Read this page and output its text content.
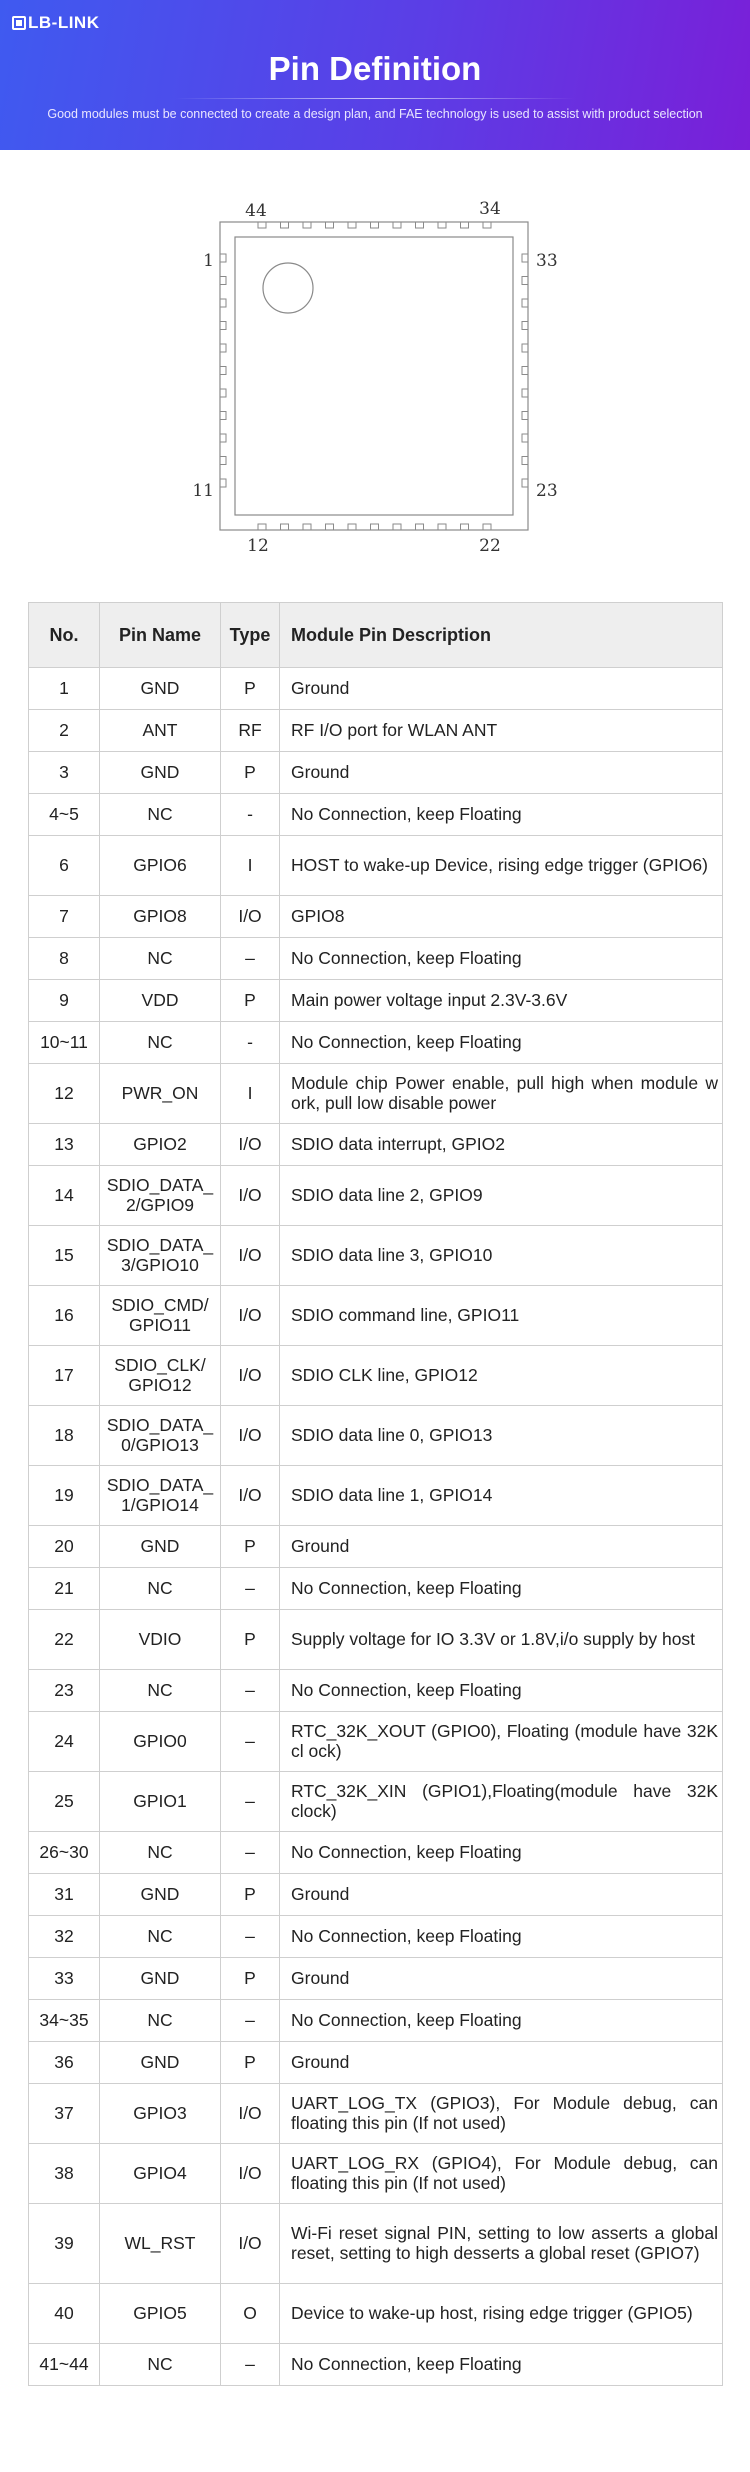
LB-LINK
Pin Definition
Good modules must be connected to create a design plan, and FAE technology is used to assist with product selection
44	34
33
23
1
11
12	22
No.	Pin Name	Type	Module Pin Description
1	GND	P	Ground
2	ANT	RF	RF I/O port for WLAN ANT
3	GND	P	Ground
4~5	NC	-	No Connection, keep Floating
6	GPIO6	I	HOST to wake-up Device, rising edge trigger (GPIO6)
7	GPIO8	I/O	GPIO8
8	NC	–	No Connection, keep Floating
9	VDD	P	Main power voltage input 2.3V-3.6V
10~11	NC	-	No Connection, keep Floating
12	PWR_ON	I	Module chip Power enable, pull high when module w ork, pull low disable power
13	GPIO2	I/O	SDIO data interrupt, GPIO2
14	SDIO_DATA_ 2/GPIO9	I/O	SDIO data line 2, GPIO9
15	SDIO_DATA_ 3/GPIO10	I/O	SDIO data line 3, GPIO10
16	SDIO_CMD/ GPIO11	I/O	SDIO command line, GPIO11
17	SDIO_CLK/ GPIO12	I/O	SDIO CLK line, GPIO12
18	SDIO_DATA_ 0/GPIO13	I/O	SDIO data line 0, GPIO13
19	SDIO_DATA_ 1/GPIO14	I/O	SDIO data line 1, GPIO14
20	GND	P	Ground
21	NC	–	No Connection, keep Floating
22	VDIO	P	Supply voltage for IO 3.3V or 1.8V,i/o supply by host
23	NC	–	No Connection, keep Floating
24	GPIO0	–	RTC_32K_XOUT (GPIO0), Floating (module have 32K cl ock)
25	GPIO1	–	RTC_32K_XIN (GPIO1),Floating(module have 32K clock)
26~30	NC	–	No Connection, keep Floating
31	GND	P	Ground
32	NC	–	No Connection, keep Floating
33	GND	P	Ground
34~35	NC	–	No Connection, keep Floating
36	GND	P	Ground
37	GPIO3	I/O	UART_LOG_TX (GPIO3), For Module debug, can floating this pin (If not used)
38	GPIO4	I/O	UART_LOG_RX (GPIO4), For Module debug, can floating this pin (If not used)
39	WL_RST	I/O	Wi-Fi reset signal PIN, setting to low asserts a global reset, setting to high desserts a global reset (GPIO7)
40	GPIO5	O	Device to wake-up host, rising edge trigger (GPIO5)
41~44	NC	–	No Connection, keep Floating
